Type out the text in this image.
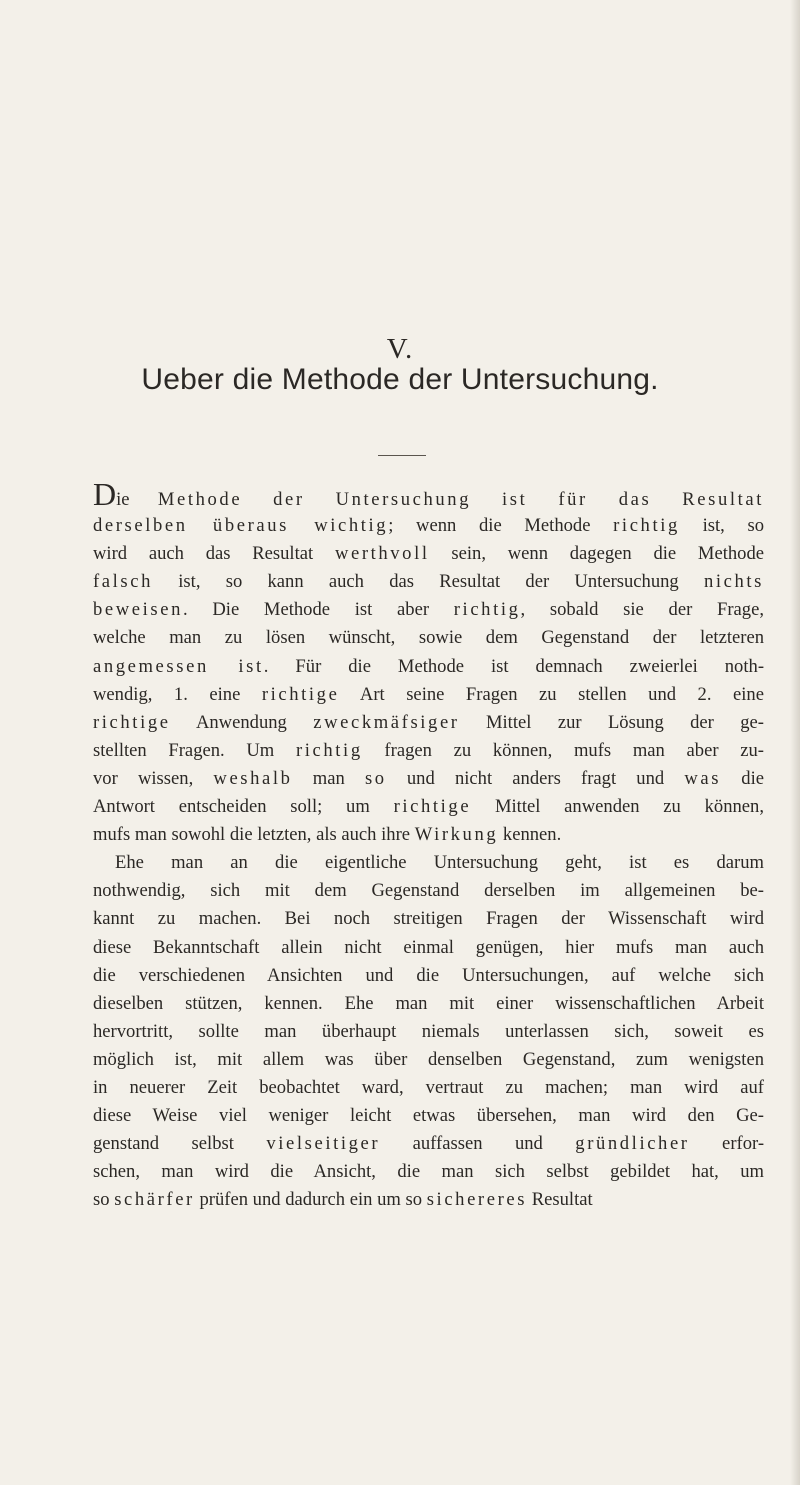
V.
Ueber die Methode der Untersuchung.
Die Methode der Untersuchung ist für das Resultat
derselben überaus wichtig; wenn die Methode richtig ist, so
wird auch das Resultat werthvoll sein, wenn dagegen die Methode
falsch ist, so kann auch das Resultat der Untersuchung nichts
beweisen. Die Methode ist aber richtig, sobald sie der Frage,
welche man zu lösen wünscht, sowie dem Gegenstand der letzteren
angemessen ist. Für die Methode ist demnach zweierlei noth-
wendig, 1. eine richtige Art seine Fragen zu stellen und 2. eine
richtige Anwendung zweckmäfsiger Mittel zur Lösung der ge-
stellten Fragen. Um richtig fragen zu können, mufs man aber zu-
vor wissen, weshalb man so und nicht anders fragt und was die
Antwort entscheiden soll; um richtige Mittel anwenden zu können,
mufs man sowohl die letzten, als auch ihre Wirkung kennen.
Ehe man an die eigentliche Untersuchung geht, ist es darum
nothwendig, sich mit dem Gegenstand derselben im allgemeinen be-
kannt zu machen. Bei noch streitigen Fragen der Wissenschaft wird
diese Bekanntschaft allein nicht einmal genügen, hier mufs man auch
die verschiedenen Ansichten und die Untersuchungen, auf welche sich
dieselben stützen, kennen. Ehe man mit einer wissenschaftlichen Arbeit
hervortritt, sollte man überhaupt niemals unterlassen sich, soweit es
möglich ist, mit allem was über denselben Gegenstand, zum wenigsten
in neuerer Zeit beobachtet ward, vertraut zu machen; man wird auf
diese Weise viel weniger leicht etwas übersehen, man wird den Ge-
genstand selbst vielseitiger auffassen und gründlicher erfor-
schen, man wird die Ansicht, die man sich selbst gebildet hat, um
so schärfer prüfen und dadurch ein um so sichereres Resultat
